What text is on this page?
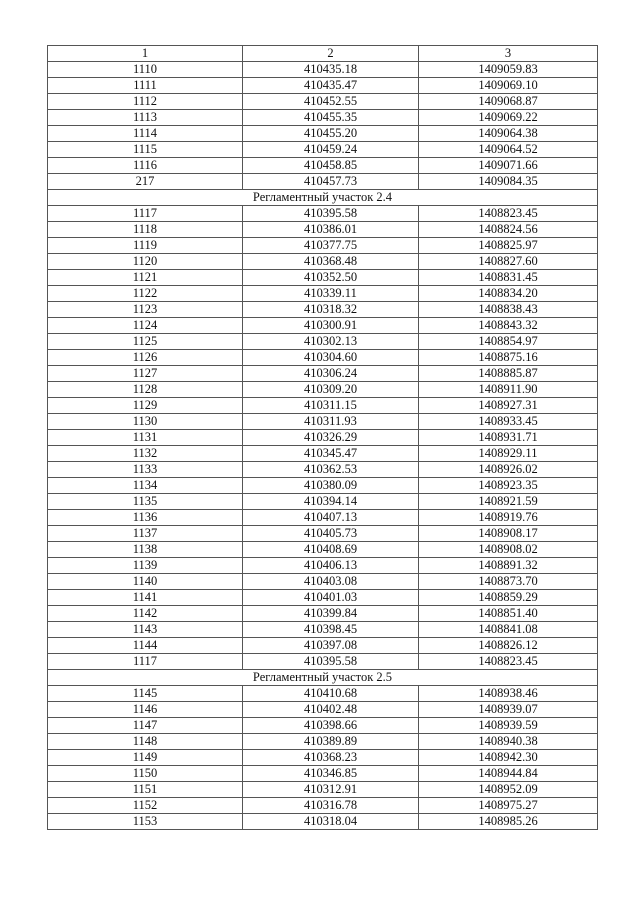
1	2	3
1110	410435.18	1409059.83
1111	410435.47	1409069.10
1112	410452.55	1409068.87
1113	410455.35	1409069.22
1114	410455.20	1409064.38
1115	410459.24	1409064.52
1116	410458.85	1409071.66
217	410457.73	1409084.35
Регламентный участок 2.4		
1117	410395.58	1408823.45
1118	410386.01	1408824.56
1119	410377.75	1408825.97
1120	410368.48	1408827.60
1121	410352.50	1408831.45
1122	410339.11	1408834.20
1123	410318.32	1408838.43
1124	410300.91	1408843.32
1125	410302.13	1408854.97
1126	410304.60	1408875.16
1127	410306.24	1408885.87
1128	410309.20	1408911.90
1129	410311.15	1408927.31
1130	410311.93	1408933.45
1131	410326.29	1408931.71
1132	410345.47	1408929.11
1133	410362.53	1408926.02
1134	410380.09	1408923.35
1135	410394.14	1408921.59
1136	410407.13	1408919.76
1137	410405.73	1408908.17
1138	410408.69	1408908.02
1139	410406.13	1408891.32
1140	410403.08	1408873.70
1141	410401.03	1408859.29
1142	410399.84	1408851.40
1143	410398.45	1408841.08
1144	410397.08	1408826.12
1117	410395.58	1408823.45
Регламентный участок 2.5		
1145	410410.68	1408938.46
1146	410402.48	1408939.07
1147	410398.66	1408939.59
1148	410389.89	1408940.38
1149	410368.23	1408942.30
1150	410346.85	1408944.84
1151	410312.91	1408952.09
1152	410316.78	1408975.27
1153	410318.04	1408985.26
